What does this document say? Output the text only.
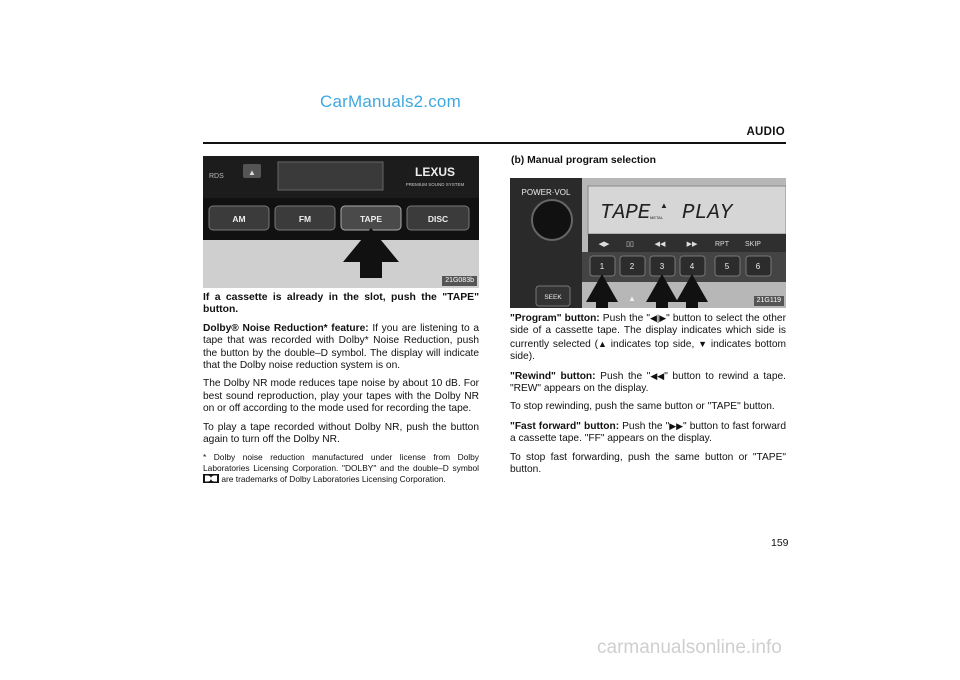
CarManuals2.com
AUDIO
▲
RDS	LEXUS
PREMIUM SOUND SYSTEM
AM	FM	TAPE	DISC
21G083b

If a cassette is already in the slot, push the "TAPE" button.

Dolby® Noise Reduction* feature: If you are listening to a tape that was recorded with Dolby* Noise Reduction, push the button by the double–D symbol. The display will indicate that the Dolby noise reduction system is on.

The Dolby NR mode reduces tape noise by about 10 dB. For best sound reproduction, play your tapes with the Dolby NR on or off according to the mode used for recording the tape.

To play a tape recorded without Dolby NR, push the button again to turn off the Dolby NR.

* Dolby noise reduction manufactured under license from Dolby Laboratories Licensing Corporation. "DOLBY" and the double–D symbol  are trademarks of Dolby Laboratories Licensing Corporation.

(b) Manual program selection
POWER·VOL
TAPE METAL
▲ PLAY
◀▶ ▯▯	◀◀	▶▶	RPT SKIP
1	2	3	4	5	6
SEEK	▲	21G119

"Program" button: Push the "◀|▶" button to select the other side of a cassette tape. The display indicates which side is currently selected (▲ indicates top side, ▼ indicates bottom side).

"Rewind" button: Push the "◀◀" button to rewind a tape. "REW" appears on the display.

To stop rewinding, push the same button or "TAPE" button.

"Fast forward" button: Push the "▶▶" button to fast forward a cassette tape. "FF" appears on the display.

To stop fast forwarding, push the same button or "TAPE" button.

159
carmanualsonline.info
